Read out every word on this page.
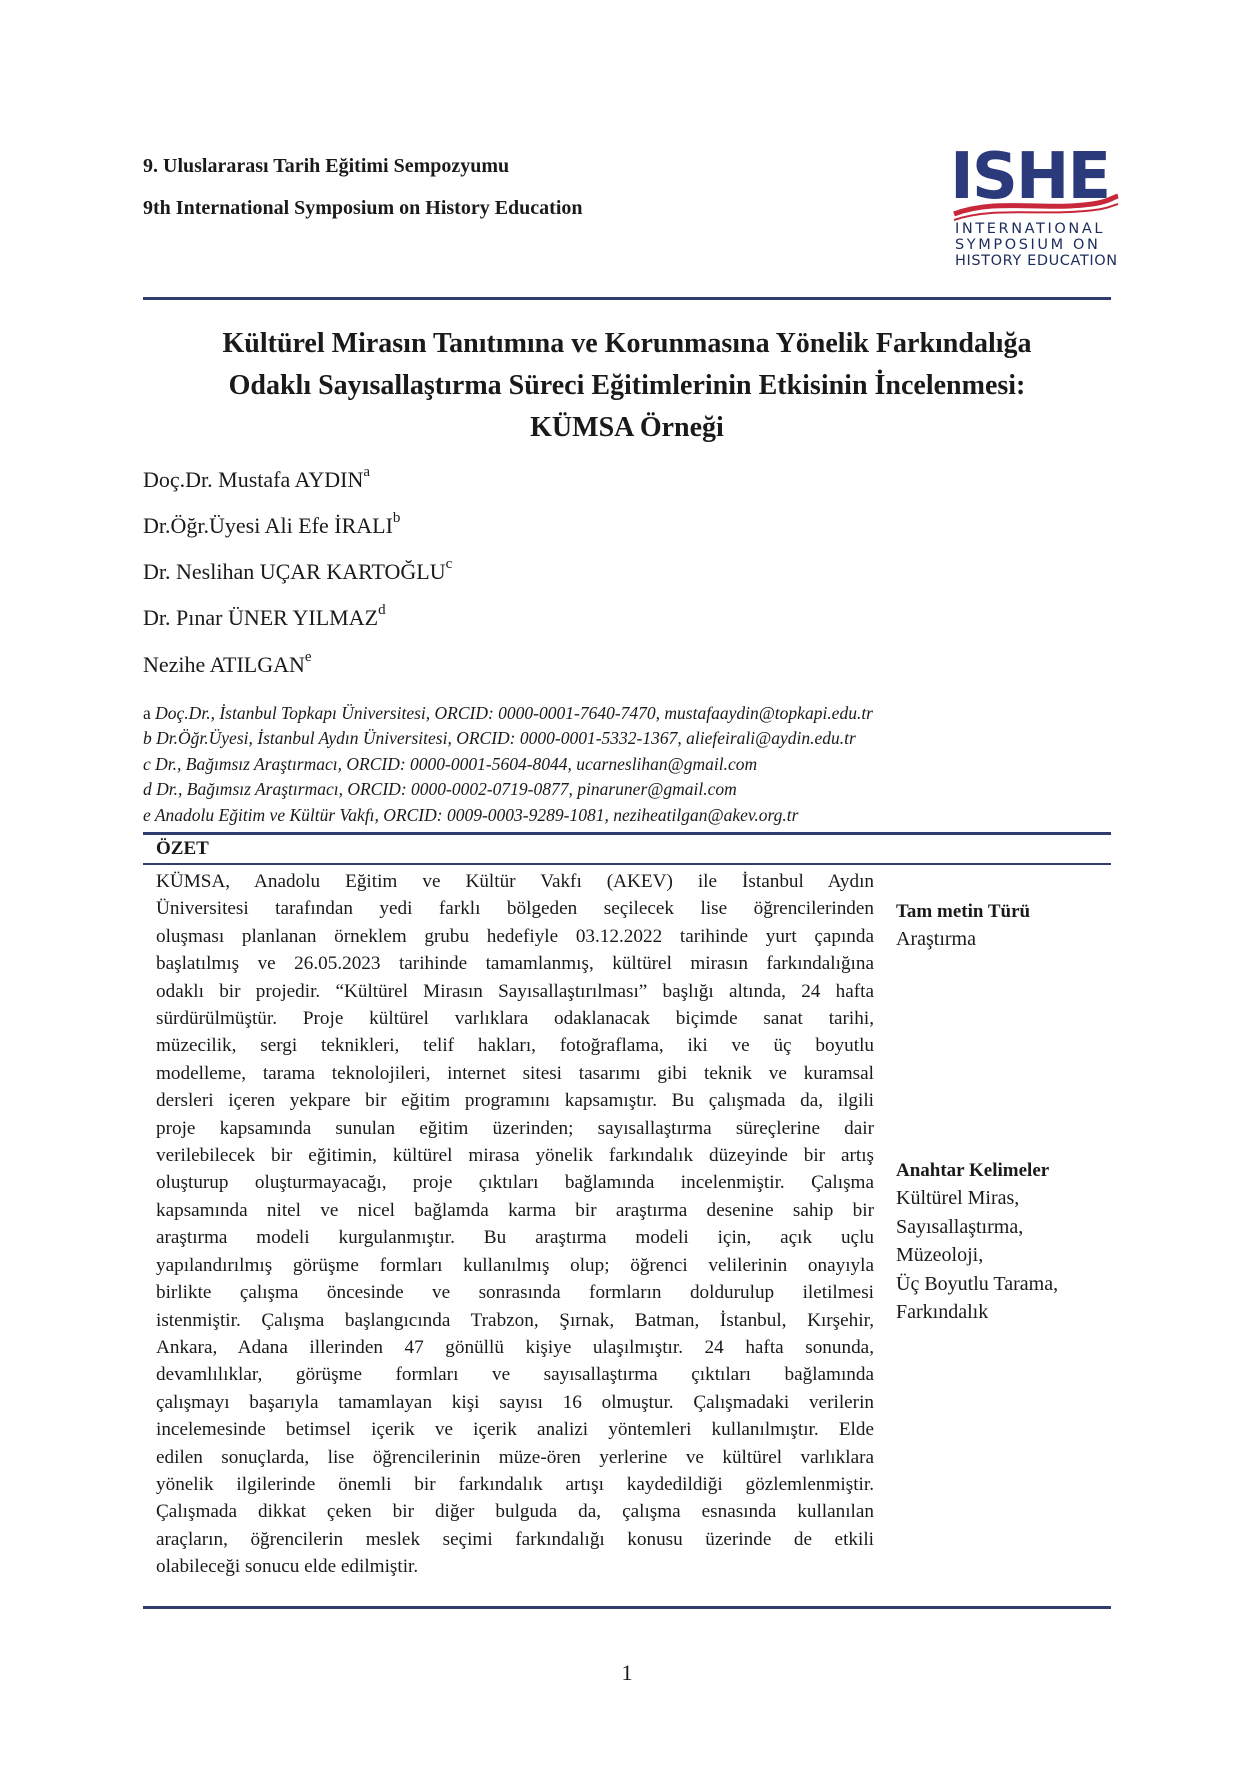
9. Uluslararası Tarih Eğitimi Sempozyumu
9th International Symposium on History Education	ISHE
INTERNATIONAL
SYMPOSIUM ON
HISTORY EDUCATION
Kültürel Mirasın Tanıtımına ve Korunmasına Yönelik Farkındalığa
Odaklı Sayısallaştırma Süreci Eğitimlerinin Etkisinin İncelenmesi:
KÜMSA Örneği
Doç.Dr. Mustafa AYDIN$^a$
Dr.Öğr.Üyesi Ali Efe İRALI$^b$
Dr. Neslihan UÇAR KARTOĞLU$^c$
Dr. Pınar ÜNER YILMAZ$^d$
Nezihe ATILGAN$^e$
a Doç.Dr., İstanbul Topkapı Üniversitesi, ORCID: 0000-0001-7640-7470, mustafaaydin@topkapi.edu.tr
b Dr.Öğr.Üyesi, İstanbul Aydın Üniversitesi, ORCID: 0000-0001-5332-1367, aliefeirali@aydin.edu.tr
c Dr., Bağımsız Araştırmacı, ORCID: 0000-0001-5604-8044, ucarneslihan@gmail.com
d Dr., Bağımsız Araştırmacı, ORCID: 0000-0002-0719-0877, pinaruner@gmail.com
e Anadolu Eğitim ve Kültür Vakfı, ORCID: 0009-0003-9289-1081, neziheatilgan@akev.org.tr
ÖZET
KÜMSA, Anadolu Eğitim ve Kültür Vakfı (AKEV) ile İstanbul Aydın
Üniversitesi tarafından yedi farklı bölgeden seçilecek lise öğrencilerinden
oluşması planlanan örneklem grubu hedefiyle 03.12.2022 tarihinde yurt çapında
başlatılmış ve 26.05.2023 tarihinde tamamlanmış, kültürel mirasın farkındalığına
odaklı bir projedir. “Kültürel Mirasın Sayısallaştırılması” başlığı altında, 24 hafta
sürdürülmüştür. Proje kültürel varlıklara odaklanacak biçimde sanat tarihi,
müzecilik, sergi teknikleri, telif hakları, fotoğraflama, iki ve üç boyutlu
modelleme, tarama teknolojileri, internet sitesi tasarımı gibi teknik ve kuramsal
dersleri içeren yekpare bir eğitim programını kapsamıştır. Bu çalışmada da, ilgili
proje kapsamında sunulan eğitim üzerinden; sayısallaştırma süreçlerine dair
verilebilecek bir eğitimin, kültürel mirasa yönelik farkındalık düzeyinde bir artış
oluşturup oluşturmayacağı, proje çıktıları bağlamında incelenmiştir. Çalışma
kapsamında nitel ve nicel bağlamda karma bir araştırma desenine sahip bir
araştırma modeli kurgulanmıştır. Bu araştırma modeli için, açık uçlu
yapılandırılmış görüşme formları kullanılmış olup; öğrenci velilerinin onayıyla
birlikte çalışma öncesinde ve sonrasında formların doldurulup iletilmesi
istenmiştir. Çalışma başlangıcında Trabzon, Şırnak, Batman, İstanbul, Kırşehir,
Ankara, Adana illerinden 47 gönüllü kişiye ulaşılmıştır. 24 hafta sonunda,
devamlılıklar, görüşme formları ve sayısallaştırma çıktıları bağlamında
çalışmayı başarıyla tamamlayan kişi sayısı 16 olmuştur. Çalışmadaki verilerin
incelemesinde betimsel içerik ve içerik analizi yöntemleri kullanılmıştır. Elde
edilen sonuçlarda, lise öğrencilerinin müze-ören yerlerine ve kültürel varlıklara
yönelik ilgilerinde önemli bir farkındalık artışı kaydedildiği gözlemlenmiştir.
Çalışmada dikkat çeken bir diğer bulguda da, çalışma esnasında kullanılan
araçların, öğrencilerin meslek seçimi farkındalığı konusu üzerinde de etkili
olabileceği sonucu elde edilmiştir.
Tam metin Türü
Araştırma
Anahtar Kelimeler
Kültürel Miras,
Sayısallaştırma,
Müzeoloji,
Üç Boyutlu Tarama,
Farkındalık
1
